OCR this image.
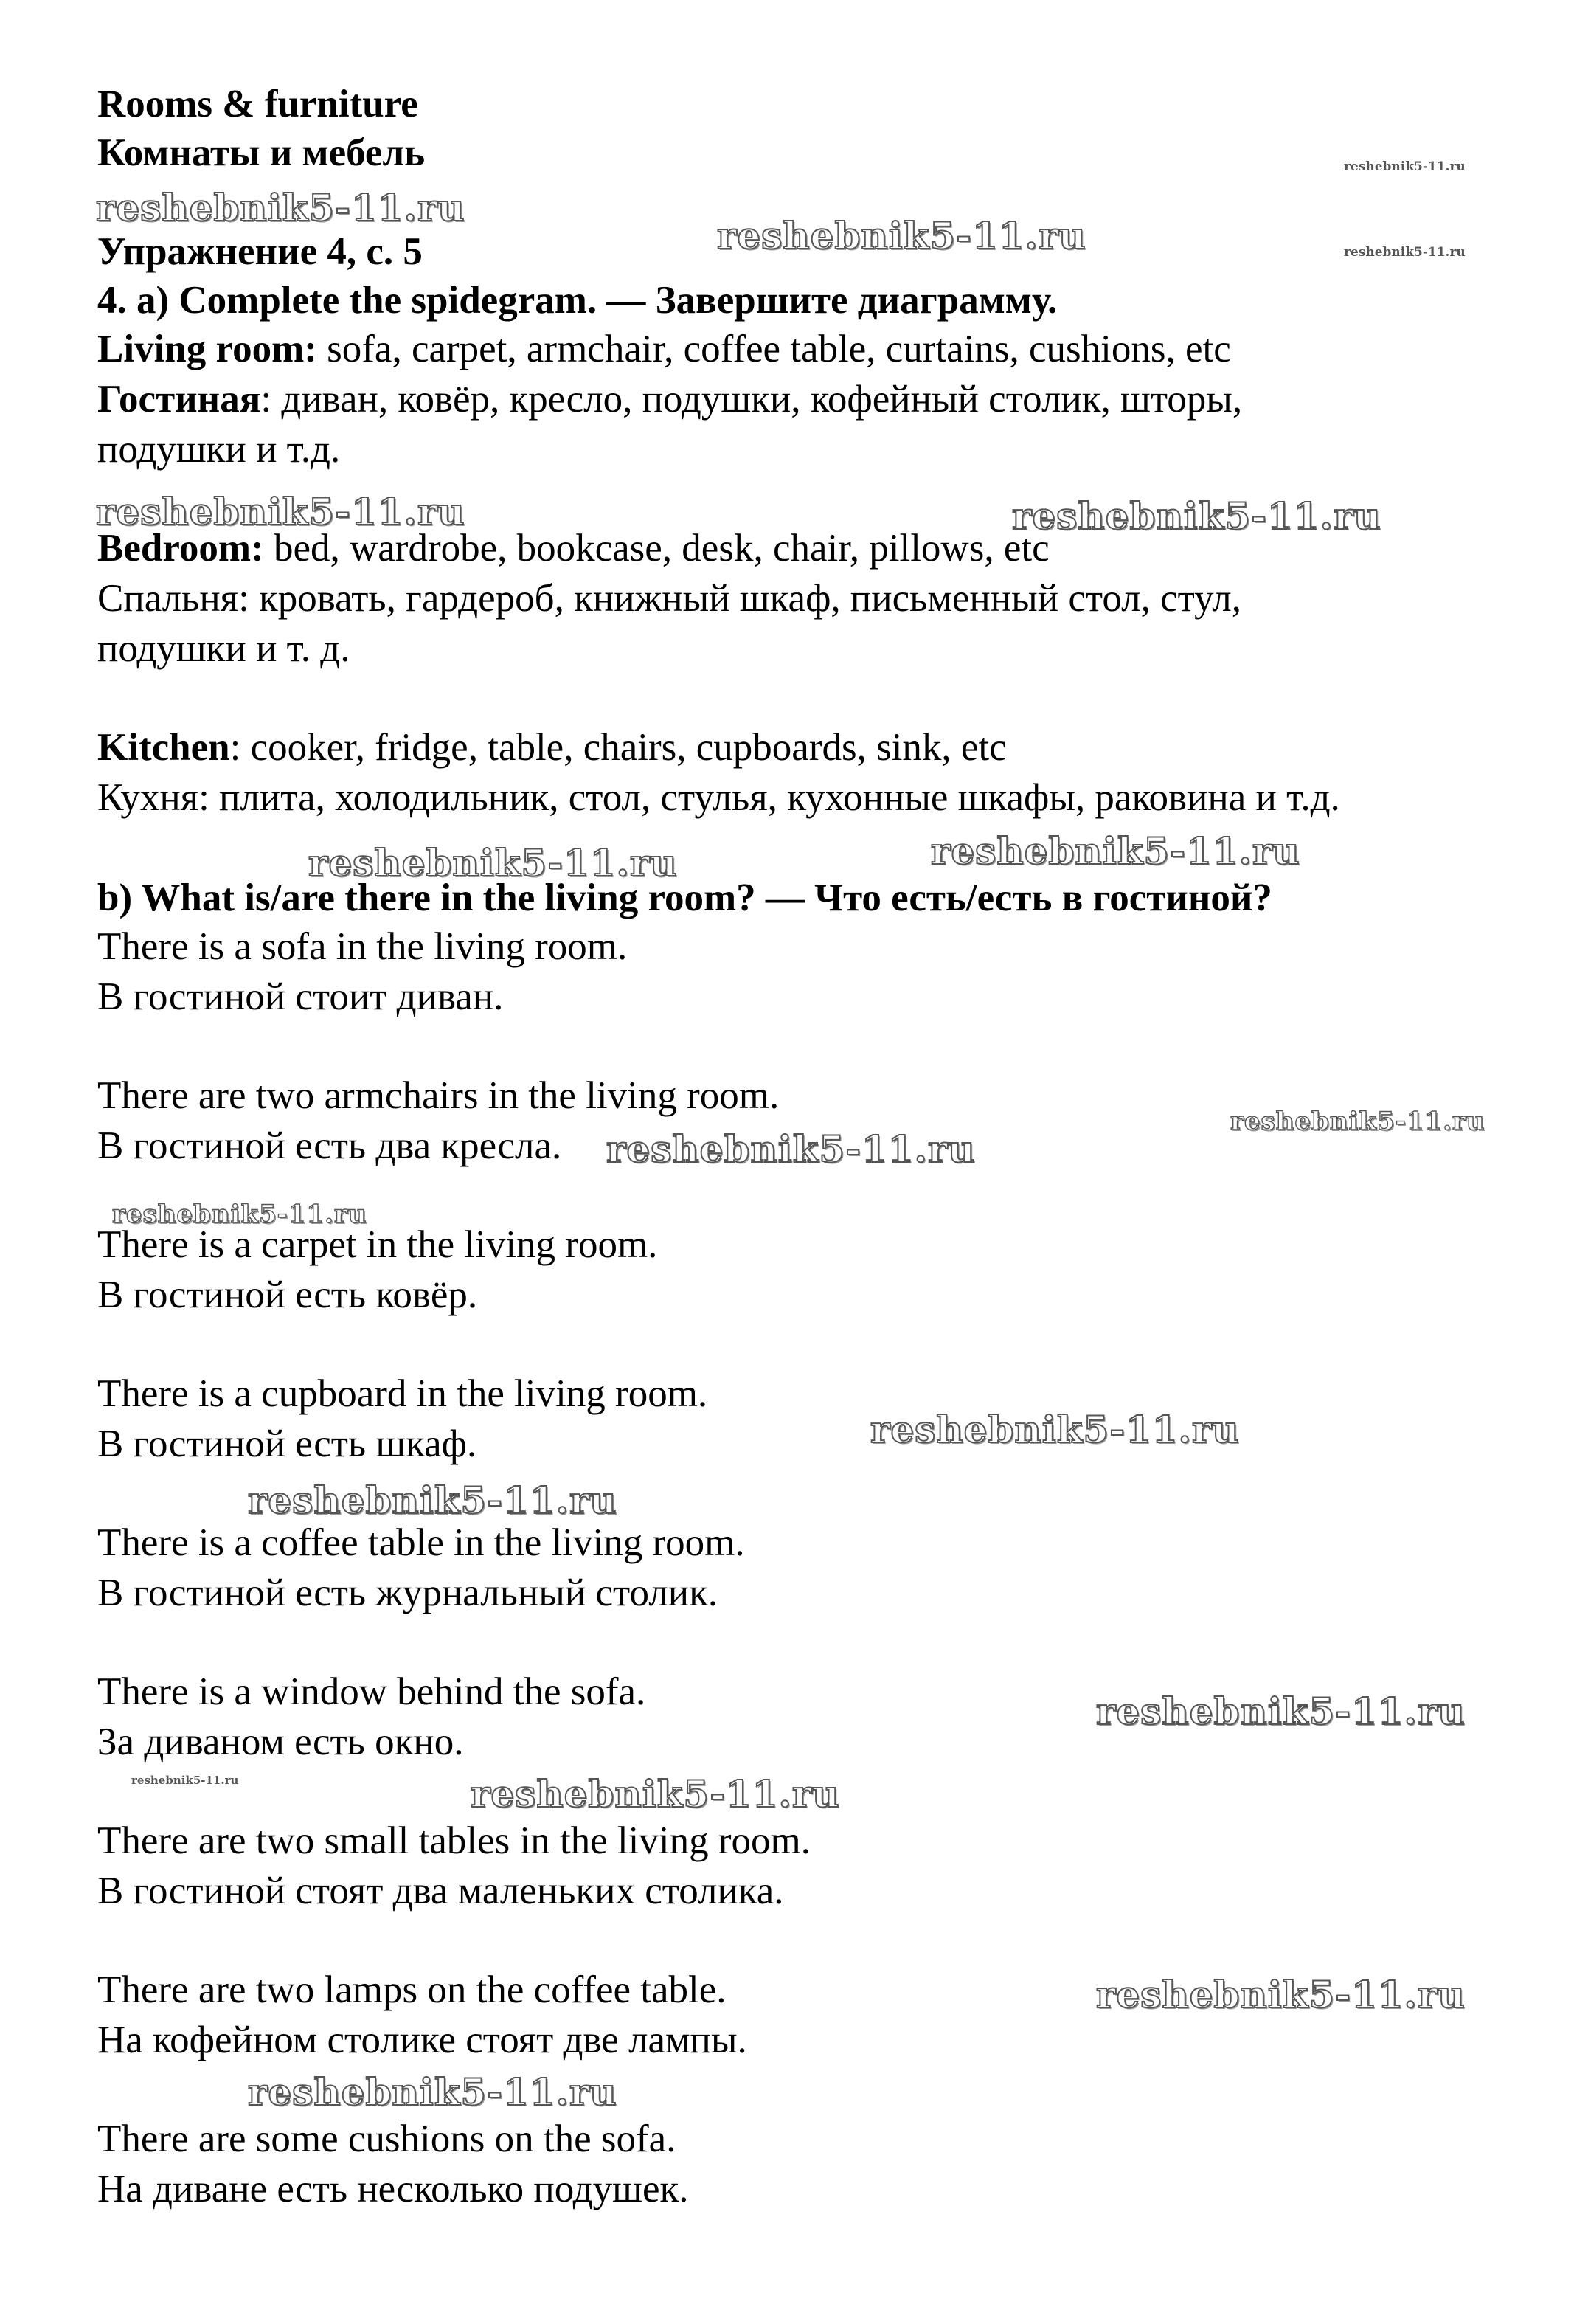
Rooms & furniture
Комнаты и мебель
Упражнение 4, с. 5
4. a) Complete the spidegram. — Завершите диаграмму.
Living room: sofa, carpet, armchair, coffee table, curtains, cushions, etc
Гостиная: диван, ковёр, кресло, подушки, кофейный столик, шторы,
подушки и т.д.
Bedroom: bed, wardrobe, bookcase, desk, chair, pillows, etc
Спальня: кровать, гардероб, книжный шкаф, письменный стол, стул,
подушки и т. д.
Kitchen: cooker, fridge, table, chairs, cupboards, sink, etc
Кухня: плита, холодильник, стол, стулья, кухонные шкафы, раковина и т.д.
b) What is/are there in the living room? — Что есть/есть в гостиной?
There is a sofa in the living room.
В гостиной стоит диван.
There are two armchairs in the living room.
В гостиной есть два кресла.
There is a carpet in the living room.
В гостиной есть ковёр.
There is a cupboard in the living room.
В гостиной есть шкаф.
There is a coffee table in the living room.
В гостиной есть журнальный столик.
There is a window behind the sofa.
За диваном есть окно.
There are two small tables in the living room.
В гостиной стоят два маленьких столика.
There are two lamps on the coffee table.
На кофейном столике стоят две лампы.
There are some cushions on the sofa.
На диване есть несколько подушек.
reshebnik5-11.ru
reshebnik5-11.ru
reshebnik5-11.ru
reshebnik5-11.ru
reshebnik5-11.ru	reshebnik5-11.ru
reshebnik5-11.ru	reshebnik5-11.ru
reshebnik5-11.ru
reshebnik5-11.ru
reshebnik5-11.ru
reshebnik5-11.ru
reshebnik5-11.ru
reshebnik5-11.ru
reshebnik5-11.ru	reshebnik5-11.ru
reshebnik5-11.ru
reshebnik5-11.ru
